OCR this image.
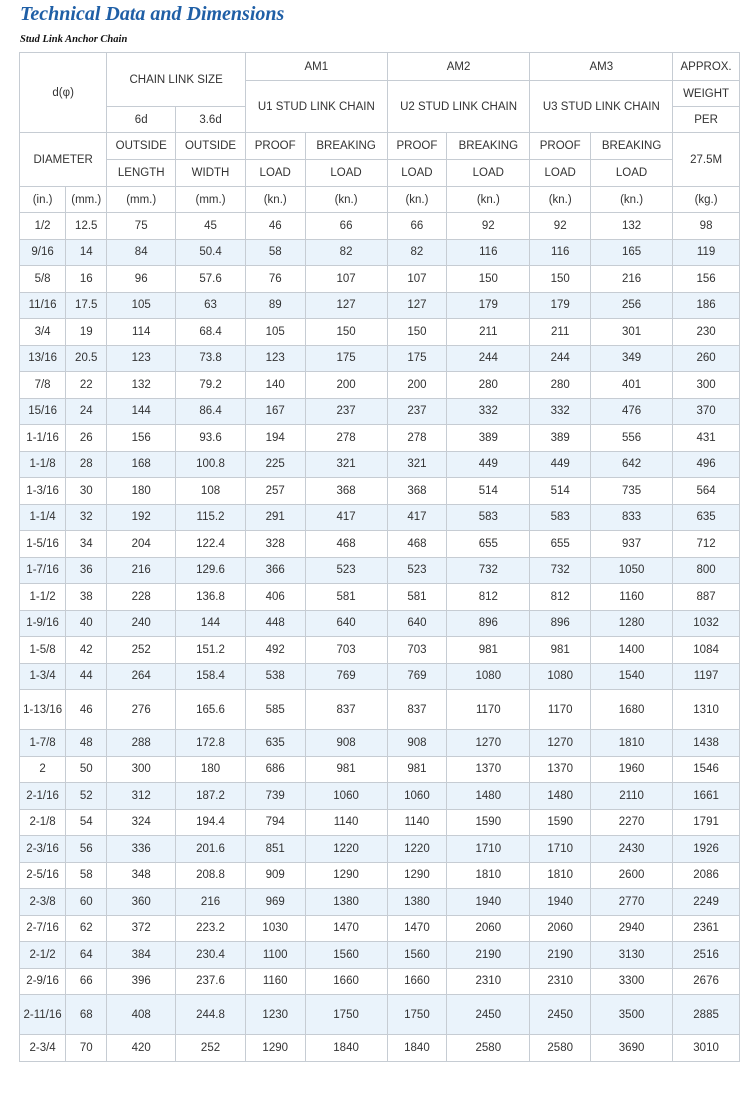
Technical Data and Dimensions
Stud Link Anchor Chain
d(φ)		CHAIN LINK SIZE		AM1		AM2		AM3		APPROX.
				U1 STUD LINK CHAIN		U2 STUD LINK CHAIN		U3 STUD LINK CHAIN		WEIGHT
		6d	3.6d							PER
DIAMETER		OUTSIDE	OUTSIDE	PROOF	BREAKING	PROOF	BREAKING	PROOF	BREAKING	27.5M
		LENGTH	WIDTH	LOAD	LOAD	LOAD	LOAD	LOAD	LOAD	
(in.)	(mm.)	(mm.)	(mm.)	(kn.)	(kn.)	(kn.)	(kn.)	(kn.)	(kn.)	(kg.)
1/2	12.5	75	45	46	66	66	92	92	132	98
9/16	14	84	50.4	58	82	82	116	116	165	119
5/8	16	96	57.6	76	107	107	150	150	216	156
11/16	17.5	105	63	89	127	127	179	179	256	186
3/4	19	114	68.4	105	150	150	211	211	301	230
13/16	20.5	123	73.8	123	175	175	244	244	349	260
7/8	22	132	79.2	140	200	200	280	280	401	300
15/16	24	144	86.4	167	237	237	332	332	476	370
1-1/16	26	156	93.6	194	278	278	389	389	556	431
1-1/8	28	168	100.8	225	321	321	449	449	642	496
1-3/16	30	180	108	257	368	368	514	514	735	564
1-1/4	32	192	115.2	291	417	417	583	583	833	635
1-5/16	34	204	122.4	328	468	468	655	655	937	712
1-7/16	36	216	129.6	366	523	523	732	732	1050	800
1-1/2	38	228	136.8	406	581	581	812	812	1160	887
1-9/16	40	240	144	448	640	640	896	896	1280	1032
1-5/8	42	252	151.2	492	703	703	981	981	1400	1084
1-3/4	44	264	158.4	538	769	769	1080	1080	1540	1197
1-​13/16	46	276	165.6	585	837	837	1170	1170	1680	1310
1-7/8	48	288	172.8	635	908	908	1270	1270	1810	1438
2	50	300	180	686	981	981	1370	1370	1960	1546
2-1/16	52	312	187.2	739	1060	1060	1480	1480	2110	1661
2-1/8	54	324	194.4	794	1140	1140	1590	1590	2270	1791
2-3/16	56	336	201.6	851	1220	1220	1710	1710	2430	1926
2-5/16	58	348	208.8	909	1290	1290	1810	1810	2600	2086
2-3/8	60	360	216	969	1380	1380	1940	1940	2770	2249
2-7/16	62	372	223.2	1030	1470	1470	2060	2060	2940	2361
2-1/2	64	384	230.4	1100	1560	1560	2190	2190	3130	2516
2-9/16	66	396	237.6	1160	1660	1660	2310	2310	3300	2676
2-​11/16	68	408	244.8	1230	1750	1750	2450	2450	3500	2885
2-3/4	70	420	252	1290	1840	1840	2580	2580	3690	3010
